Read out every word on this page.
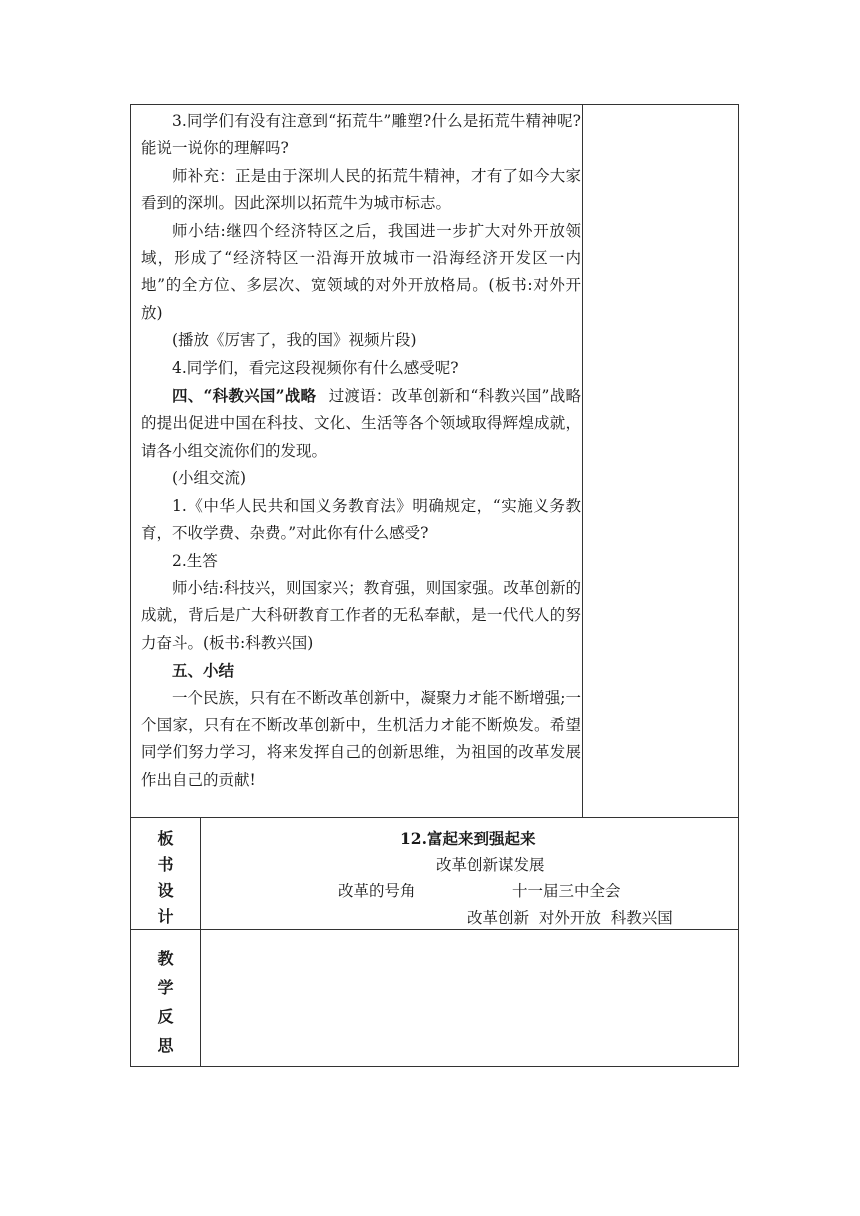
3.同学们有没有注意到“拓荒牛”雕塑?什么是拓荒牛精神呢?能说一说你的理解吗?

师补充：正是由于深圳人民的拓荒牛精神，才有了如今大家看到的深圳。因此深圳以拓荒牛为城市标志。

师小结:继四个经济特区之后，我国进一步扩大对外开放领域，形成了“经济特区一沿海开放城市一沿海经济开发区一内地”的全方位、多层次、宽领域的对外开放格局。(板书:对外开放)

(播放《厉害了，我的国》视频片段)

4.同学们，看完这段视频你有什么感受呢?

四、“科教兴国”战略 过渡语：改革创新和“科教兴国”战略的提出促进中国在科技、文化、生活等各个领域取得辉煌成就，请各小组交流你们的发现。

(小组交流)

1.《中华人民共和国义务教育法》明确规定，“实施义务教育，不收学费、杂费。”对此你有什么感受?

2.生答

师小结:科技兴，则国家兴；教育强，则国家强。改革创新的成就，背后是广大科研教育工作者的无私奉献，是一代代人的努力奋斗。(板书:科教兴国)

五、小结

一个民族，只有在不断改革创新中，凝聚力オ能不断增强;一个国家，只有在不断改革创新中，生机活力オ能不断焕发。希望同学们努力学习，将来发挥自己的创新思维，为祖国的改革发展作出自己的贡献!

板
书
设
计
12.富起来到强起来
改革创新谋发展
改革的号角	十一届三中全会
改革创新  对外开放  科教兴国
教
学
反
思
